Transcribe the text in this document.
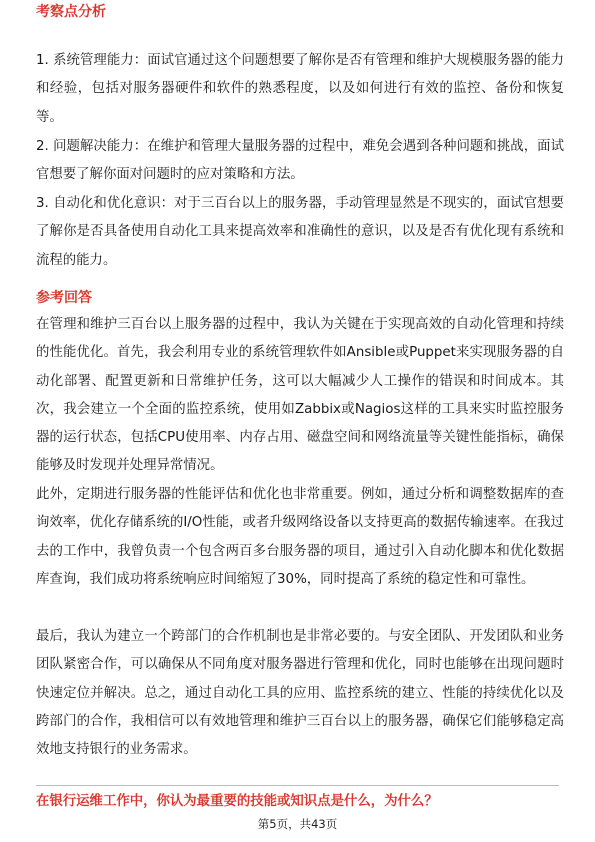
考察点分析

1. 系统管理能力：面试官通过这个问题想要了解你是否有管理和维护大规模服务器的能力和经验，包括对服务器硬件和软件的熟悉程度，以及如何进行有效的监控、备份和恢复等。

2. 问题解决能力：在维护和管理大量服务器的过程中，难免会遇到各种问题和挑战，面试官想要了解你面对问题时的应对策略和方法。

3. 自动化和优化意识：对于三百台以上的服务器，手动管理显然是不现实的，面试官想要了解你是否具备使用自动化工具来提高效率和准确性的意识，以及是否有优化现有系统和流程的能力。

参考回答

在管理和维护三百台以上服务器的过程中，我认为关键在于实现高效的自动化管理和持续的性能优化。首先，我会利用专业的系统管理软件如Ansible或Puppet来实现服务器的自动化部署、配置更新和日常维护任务，这可以大幅减少人工操作的错误和时间成本。其次，我会建立一个全面的监控系统，使用如Zabbix或Nagios这样的工具来实时监控服务器的运行状态，包括CPU使用率、内存占用、磁盘空间和网络流量等关键性能指标，确保能够及时发现并处理异常情况。

此外，定期进行服务器的性能评估和优化也非常重要。例如，通过分析和调整数据库的查询效率，优化存储系统的I/O性能，或者升级网络设备以支持更高的数据传输速率。在我过去的工作中，我曾负责一个包含两百多台服务器的项目，通过引入自动化脚本和优化数据库查询，我们成功将系统响应时间缩短了30%，同时提高了系统的稳定性和可靠性。

最后，我认为建立一个跨部门的合作机制也是非常必要的。与安全团队、开发团队和业务团队紧密合作，可以确保从不同角度对服务器进行管理和优化，同时也能够在出现问题时快速定位并解决。总之，通过自动化工具的应用、监控系统的建立、性能的持续优化以及跨部门的合作，我相信可以有效地管理和维护三百台以上的服务器，确保它们能够稳定高效地支持银行的业务需求。

在银行运维工作中，你认为最重要的技能或知识点是什么，为什么？

第5页，共43页
